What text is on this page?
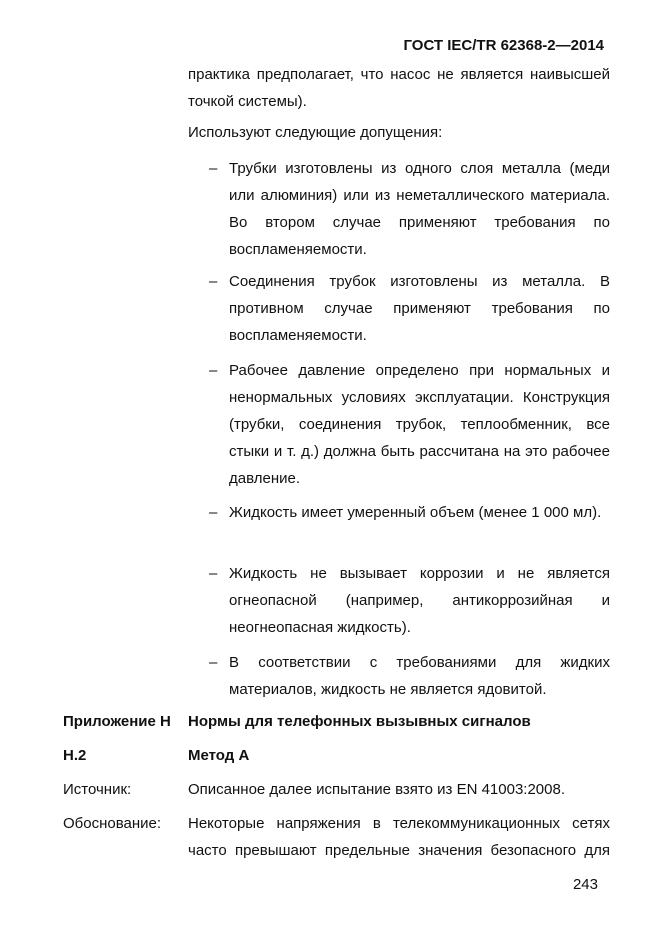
ГОСТ IEC/TR 62368-2—2014
практика предполагает, что насос не является наивысшей точкой системы).
Используют следующие допущения:
– Трубки изготовлены из одного слоя металла (меди или алюминия) или из неметаллического материала. Во втором случае применяют требования по воспламеняемости.
– Соединения трубок изготовлены из металла. В противном случае применяют требования по воспламеняемости.
– Рабочее давление определено при нормальных и ненормальных условиях эксплуатации. Конструкция (трубки, соединения трубок, теплообменник, все стыки и т. д.) должна быть рассчитана на это рабочее давление.
– Жидкость имеет умеренный объем (менее 1 000 мл).
– Жидкость не вызывает коррозии и не является огнеопасной (например, антикоррозийная и неогнеопасная жидкость).
– В соответствии с требованиями для жидких материалов, жидкость не является ядовитой.
Приложение Н Нормы для телефонных вызывных сигналов
Н.2	Метод А
Источник:	Описанное далее испытание взято из EN 41003:2008.
Обоснование: Некоторые напряжения в телекоммуникационных сетях часто превышают предельные значения безопасного для
243
